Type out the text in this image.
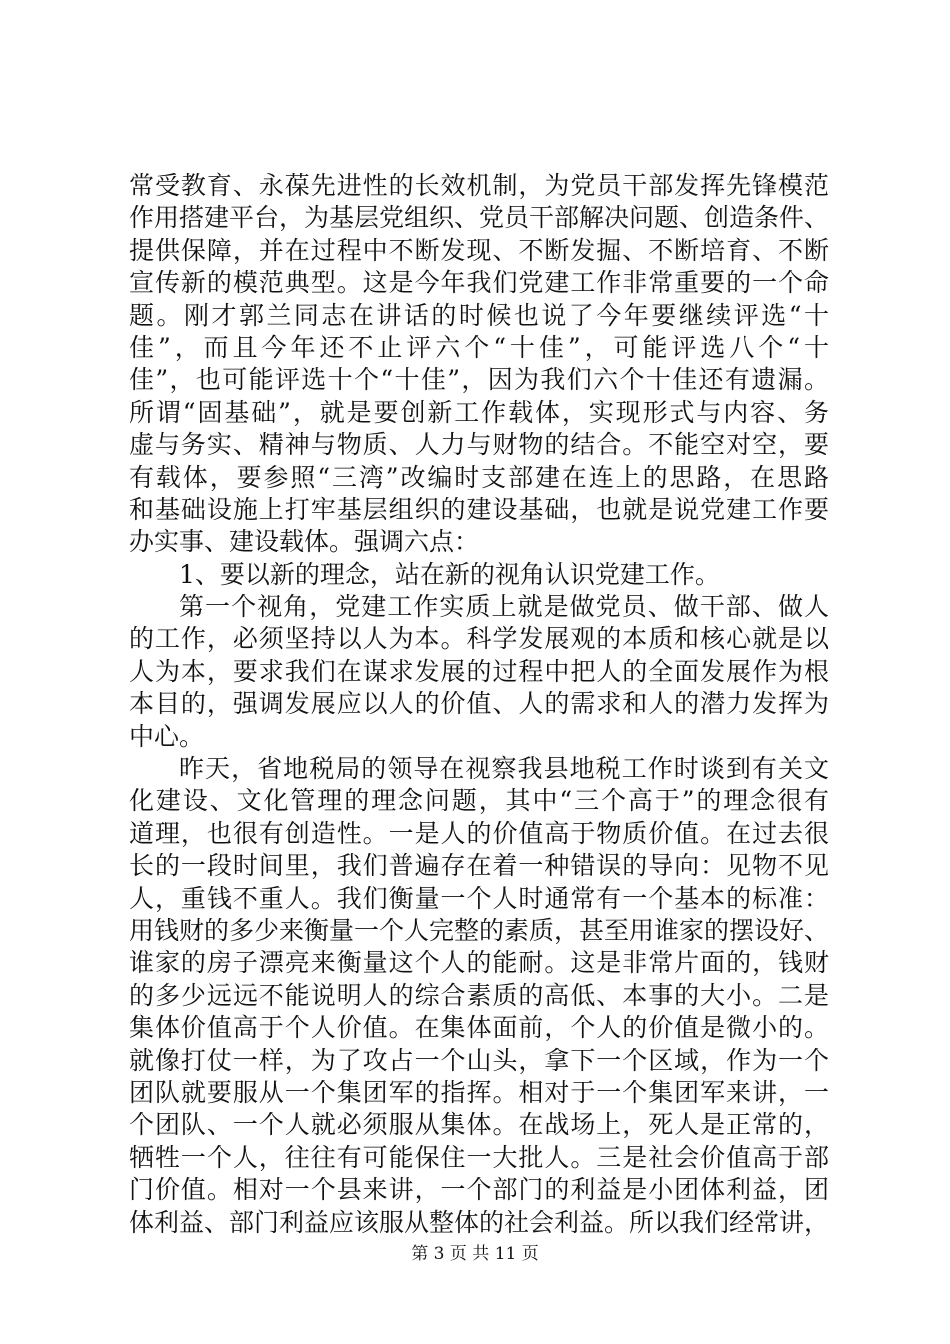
常受教育、永葆先进性的长效机制，为党员干部发挥先锋模范
作用搭建平台，为基层党组织、党员干部解决问题、创造条件、
提供保障，并在过程中不断发现、不断发掘、不断培育、不断
宣传新的模范典型。这是今年我们党建工作非常重要的一个命
题。刚才郭兰同志在讲话的时候也说了今年要继续评选“十
佳”，而且今年还不止评六个“十佳”，可能评选八个“十
佳”，也可能评选十个“十佳”，因为我们六个十佳还有遗漏。
所谓“固基础”，就是要创新工作载体，实现形式与内容、务
虚与务实、精神与物质、人力与财物的结合。不能空对空，要
有载体，要参照“三湾”改编时支部建在连上的思路，在思路
和基础设施上打牢基层组织的建设基础，也就是说党建工作要
办实事、建设载体。强调六点：
1、要以新的理念，站在新的视角认识党建工作。
第一个视角，党建工作实质上就是做党员、做干部、做人
的工作，必须坚持以人为本。科学发展观的本质和核心就是以
人为本，要求我们在谋求发展的过程中把人的全面发展作为根
本目的，强调发展应以人的价值、人的需求和人的潜力发挥为
中心。
昨天，省地税局的领导在视察我县地税工作时谈到有关文
化建设、文化管理的理念问题，其中“三个高于”的理念很有
道理，也很有创造性。一是人的价值高于物质价值。在过去很
长的一段时间里，我们普遍存在着一种错误的导向：见物不见
人，重钱不重人。我们衡量一个人时通常有一个基本的标准：
用钱财的多少来衡量一个人完整的素质，甚至用谁家的摆设好、
谁家的房子漂亮来衡量这个人的能耐。这是非常片面的，钱财
的多少远远不能说明人的综合素质的高低、本事的大小。二是
集体价值高于个人价值。在集体面前，个人的价值是微小的。
就像打仗一样，为了攻占一个山头，拿下一个区域，作为一个
团队就要服从一个集团军的指挥。相对于一个集团军来讲，一
个团队、一个人就必须服从集体。在战场上，死人是正常的，
牺牲一个人，往往有可能保住一大批人。三是社会价值高于部
门价值。相对一个县来讲，一个部门的利益是小团体利益，团
体利益、部门利益应该服从整体的社会利益。所以我们经常讲，
第 3 页 共 11 页
